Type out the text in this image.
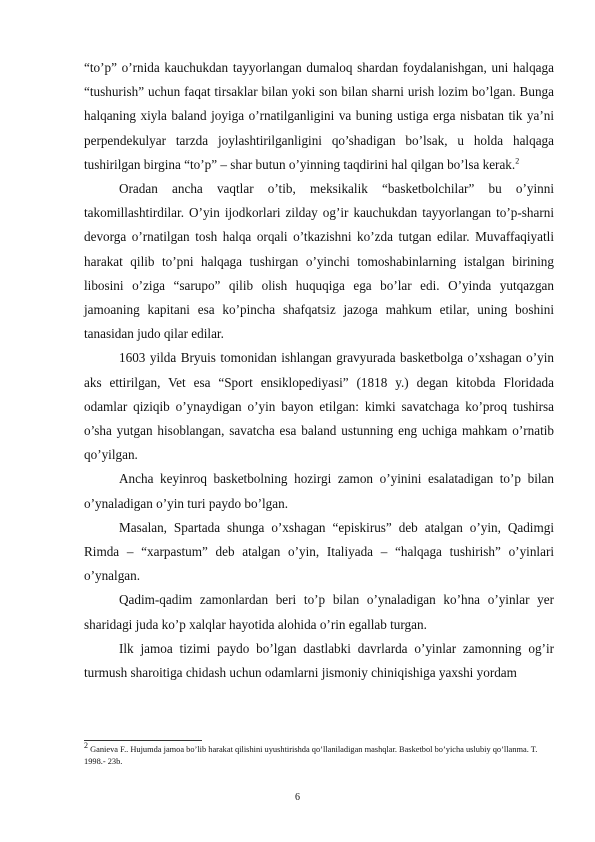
“to’p” o’rnida kauchukdan tayyorlangan dumaloq shardan foydalanishgan, uni halqaga “tushurish” uchun faqat tirsaklar bilan yoki son bilan sharni urish lozim bo’lgan. Bunga halqaning xiyla baland joyiga o’rnatilganligini va buning ustiga erga nisbatan tik ya’ni perpendekulyar tarzda joylashtirilganligini qo’shadigan bo’lsak, u holda halqaga tushirilgan birgina “to’p” – shar butun o’yinning taqdirini hal qilgan bo’lsa kerak.$^2$

Oradan ancha vaqtlar o’tib, meksikalik “basketbolchilar” bu o’yinni takomillashtirdilar. O’yin ijodkorlari zilday og’ir kauchukdan tayyorlangan to’p-sharni devorga o’rnatilgan tosh halqa orqali o’tkazishni ko’zda tutgan edilar. Muvaffaqiyatli harakat qilib to’pni halqaga tushirgan o’yinchi tomoshabinlarning istalgan birining libosini o’ziga “sarupo” qilib olish huquqiga ega bo’lar edi. O’yinda yutqazgan jamoaning kapitani esa ko’pincha shafqatsiz jazoga mahkum etilar, uning boshini tanasidan judo qilar edilar.

1603 yilda Bryuis tomonidan ishlangan gravyurada basketbolga o’xshagan o’yin aks ettirilgan, Vet esa “Sport ensiklopediyasi” (1818 y.) degan kitobda Floridada odamlar qiziqib o’ynaydigan o’yin bayon etilgan: kimki savatchaga ko’proq tushirsa o’sha yutgan hisoblangan, savatcha esa baland ustunning eng uchiga mahkam o’rnatib qo’yilgan.

Ancha keyinroq basketbolning hozirgi zamon o’yinini esalatadigan to’p bilan o’ynaladigan o’yin turi paydo bo’lgan.

Masalan, Spartada shunga o’xshagan “episkirus” deb atalgan o’yin, Qadimgi Rimda – “xarpastum” deb atalgan o’yin, Italiyada – “halqaga tushirish” o’yinlari o’ynalgan.

Qadim-qadim zamonlardan beri to’p bilan o’ynaladigan ko’hna o’yinlar yer sharidagi juda ko’p xalqlar hayotida alohida o’rin egallab turgan.

Ilk jamoa tizimi paydo bo’lgan dastlabki davrlarda o’yinlar zamonning og’ir turmush sharoitiga chidash uchun odamlarni jismoniy chiniqishiga yaxshi yordam

$^2$ Ganieva F.. Hujumda jamoa bo’lib harakat qilishini uyushtirishda qo’llaniladigan mashqlar. Basketbol bo’yicha uslubiy qo’llanma. T. 1998.- 23b.
6
